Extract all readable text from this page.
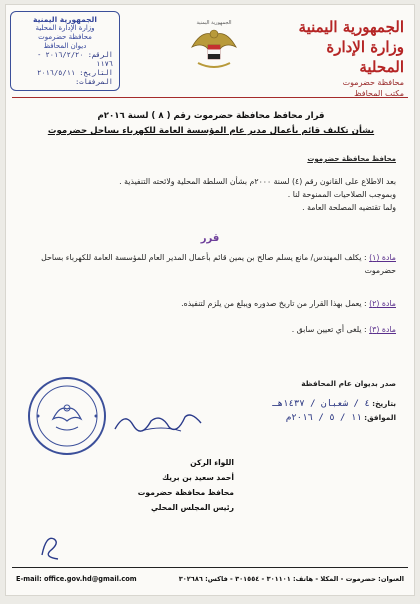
الجمهورية اليمنية
وزارة الإدارة المحلية
محافظة حضرموت
ديوان المحافظ
الرقم: ٢٠١٦/٢/٢٠ - ١١٧٦
التاريخ: ٢٠١٦/٥/١١
المرفقات:
الجمهورية اليمنية	الجمهورية اليمنية
وزارة الإدارة المحلية
محافظة حضرموت
مكتب المحافظ
قرار محافظ محافظة حضرموت رقم ( ٨ ) لسنة ٢٠١٦م
بشأن تكليف قائم بأعمال مدير عام المؤسسة العامة للكهرباء بساحل حضرموت
محافظ محافظة حضرموت
بعد الاطلاع على القانون رقم (٤) لسنة ٢٠٠٠م بشأن السلطة المحلية ولائحته التنفيذية .
وبموجب الصلاحيات الممنوحة لنا .
ولما تقتضيه المصلحة العامة .
قرر
مادة (١) : يكلف المهندس/ مانع يسلم صالح بن يمين قائم بأعمال المدير العام للمؤسسة العامة للكهرباء بساحل حضرموت
مادة (٢) : يعمل بهذا القرار من تاريخ صدوره ويبلغ من يلزم لتنفيذه.
مادة (٣) : يلغى أي تعيين سابق .
صدر بديوان عام المحافظة
بتاريخ: ٤ / شعبان / ١٤٣٧هـ
الموافق: ١١ / ٥ / ٢٠١٦م
اللواء الركن
أحمد سعيد بن بريك
محافظ محافظة حضرموت
رئيس المجلس المحلي
E-mail: office.gov.hd@gmail.com	العنوان: حضرموت - المكلا - هاتف: ٣٠١١٠١ - ٣٠١٥٥٤ - فاكس: ٣٠٢٦٨٦
